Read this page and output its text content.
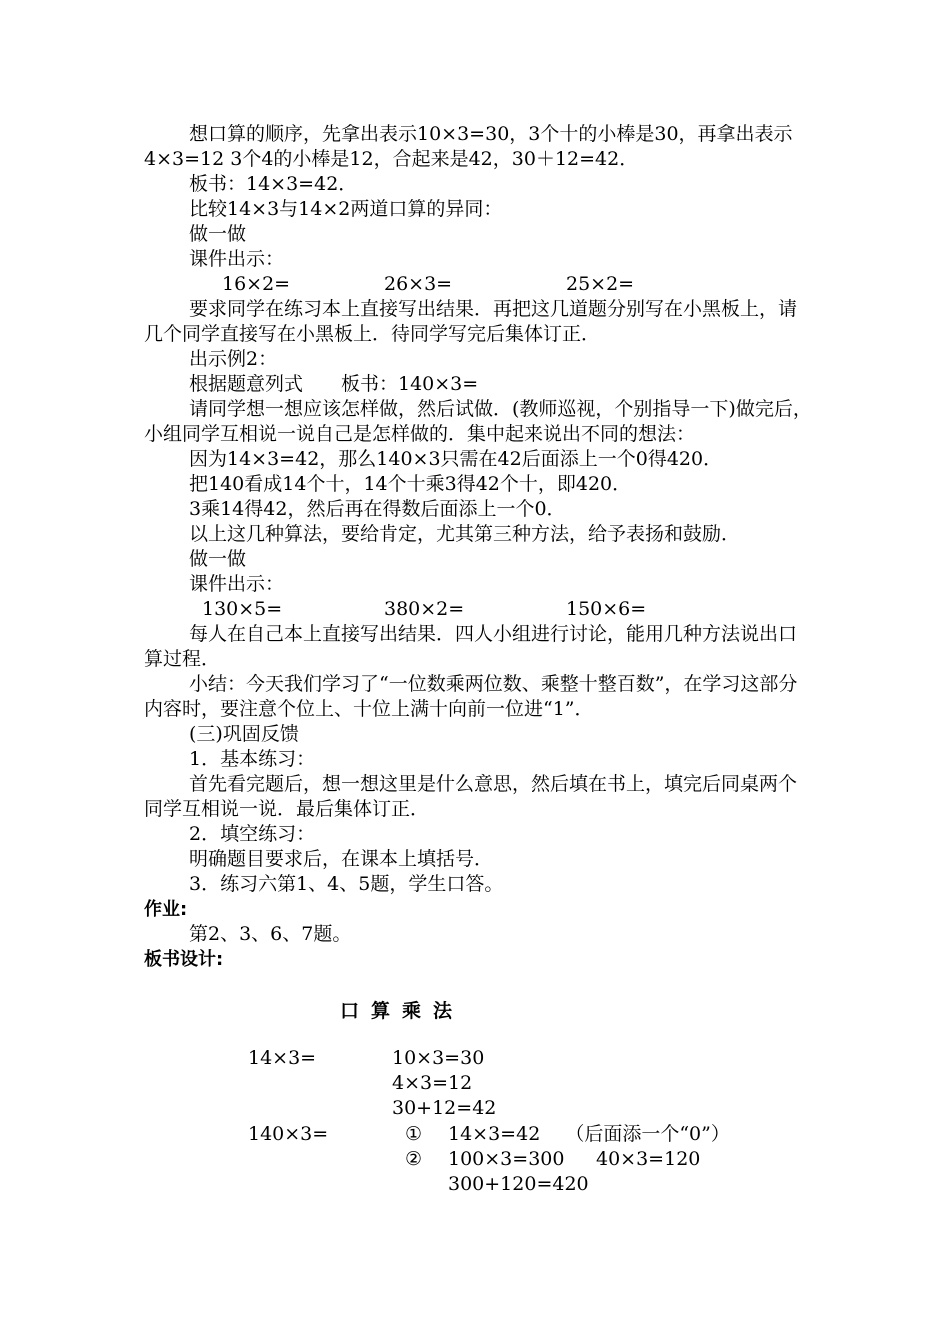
想口算的顺序，先拿出表示10×3=30，3个十的小棒是30，再拿出表示4×3=12 3个4的小棒是12，合起来是42，30＋12=42．

板书：14×3=42．

比较14×3与14×2两道口算的异同：

做一做

课件出示：

16×2=	26×3=	25×2=

要求同学在练习本上直接写出结果．再把这几道题分别写在小黑板上，请几个同学直接写在小黑板上．待同学写完后集体订正．

出示例2：

根据题意列式　　板书：140×3=

请同学想一想应该怎样做，然后试做．(教师巡视，个别指导一下)做完后，小组同学互相说一说自己是怎样做的．集中起来说出不同的想法：

因为14×3=42，那么140×3只需在42后面添上一个0得420．

把140看成14个十，14个十乘3得42个十，即420．

3乘14得42，然后再在得数后面添上一个0．

以上这几种算法，要给肯定，尤其第三种方法，给予表扬和鼓励．

做一做

课件出示：

130×5=	380×2=	150×6=

每人在自己本上直接写出结果．四人小组进行讨论，能用几种方法说出口算过程．

小结：今天我们学习了“一位数乘两位数、乘整十整百数”，在学习这部分内容时，要注意个位上、十位上满十向前一位进“1”．

(三)巩固反馈

1．基本练习：

首先看完题后，想一想这里是什么意思，然后填在书上，填完后同桌两个同学互相说一说．最后集体订正．

2．填空练习：

明确题目要求后，在课本上填括号．

3．练习六第1、4、5题，学生口答。

作业:

第2、3、6、7题。

板书设计:

口算乘法
14×3=	10×3=30
4×3=12
30+12=42
140×3=	① 14×3=42　 （后面添一个“0”）
② 100×3=300 40×3=120
300+120=420
